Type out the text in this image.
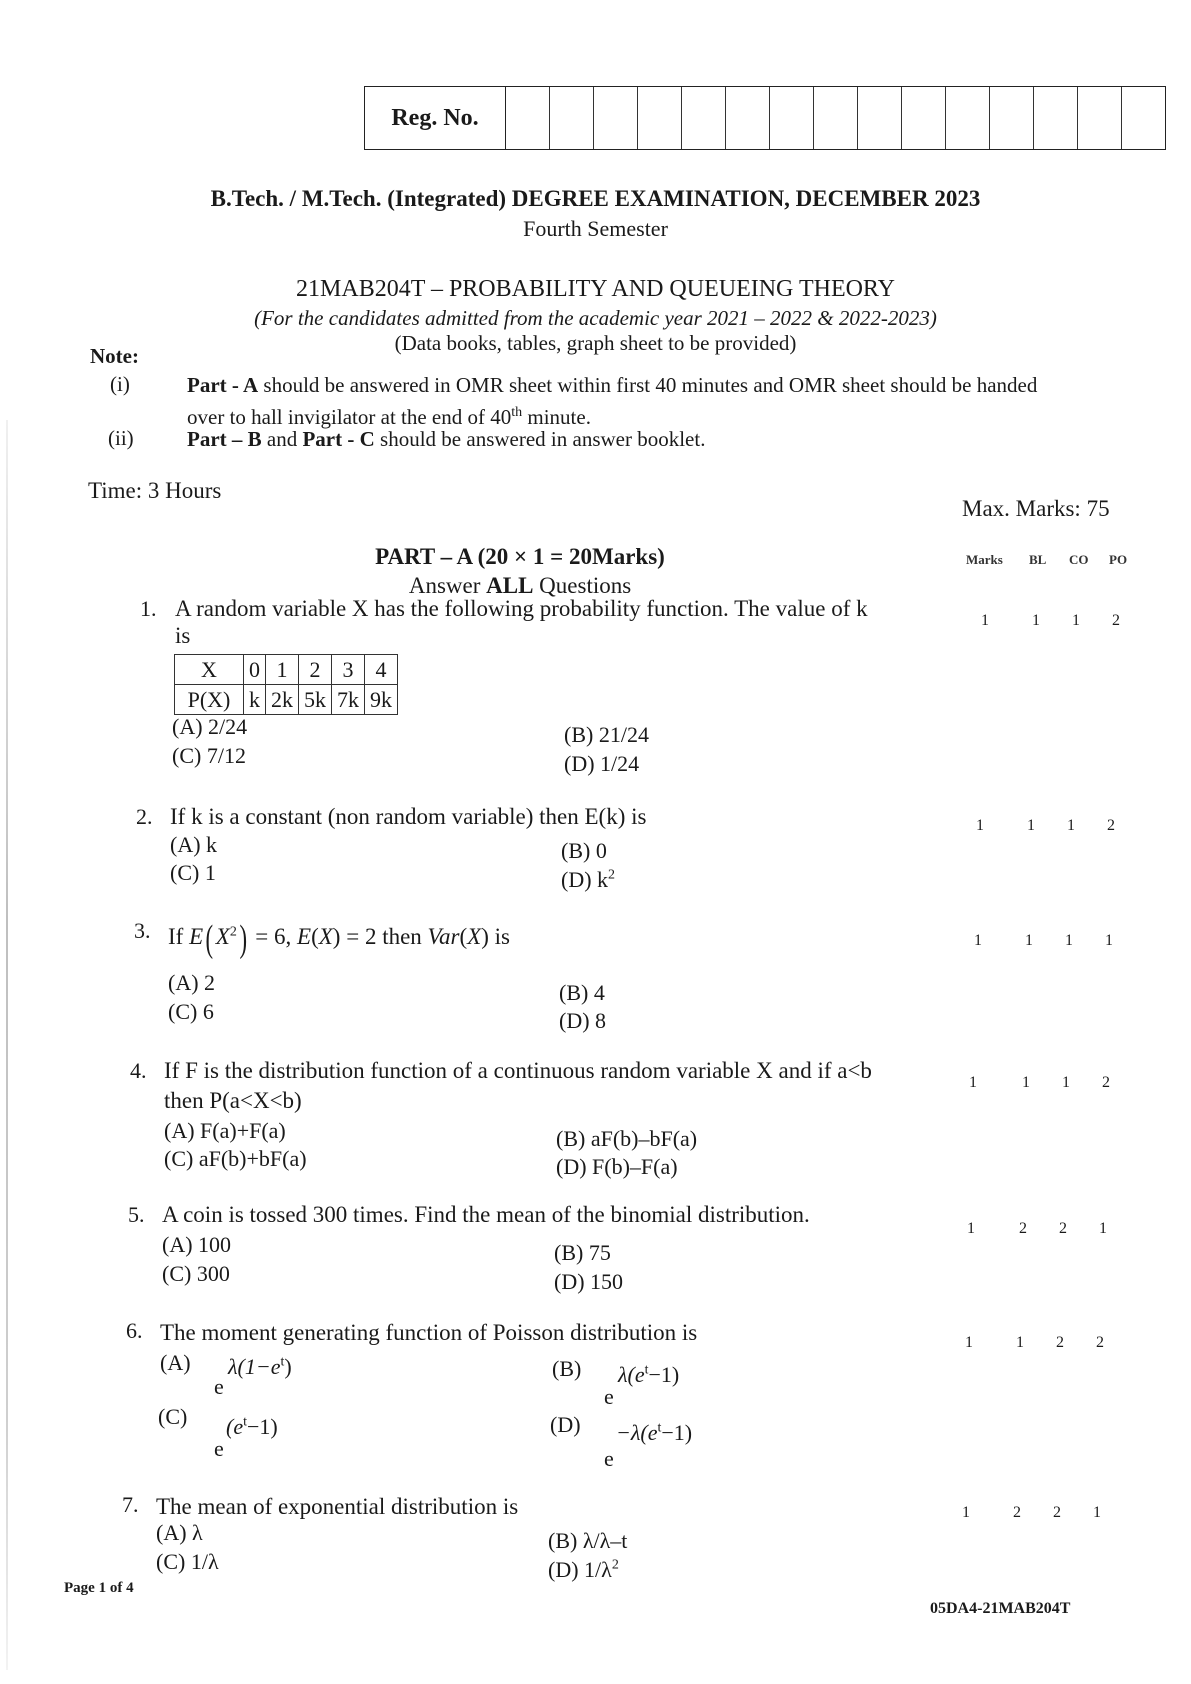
Reg. No.
B.Tech. / M.Tech. (Integrated) DEGREE EXAMINATION, DECEMBER 2023
Fourth Semester
21MAB204T – PROBABILITY AND QUEUEING THEORY
(For the candidates admitted from the academic year 2021 – 2022 & 2022-2023)
(Data books, tables, graph sheet to be provided)
Note:
(i)	Part - A should be answered in OMR sheet within first 40 minutes and OMR sheet should be handed
over to hall invigilator at the end of 40th minute.
(ii)	Part – B and Part - C should be answered in answer booklet.
Time: 3 Hours
Max. Marks: 75
PART – A (20 × 1 = 20Marks)
Answer ALL Questions
Marks BL CO PO
1. A random variable X has the following probability function. The value of k
is
X	0	1	2	3	4
P(X)	k	2k	5k	7k	9k
(A) 2/24	(B) 21/24
(C) 7/12	(D) 1/24
1	1	1	2
2. If k is a constant (non random variable) then E(k) is
(A) k	(B) 0
(C) 1	(D) $k^2$
1	1	1	2
3. If E( $X^2) = 6$, E(X) = 2 then Var(X) is
(A) 2	(B) 4
(C) 6	(D) 8
1	1	1	1
4. If F is the distribution function of a continuous random variable X and if a<b
then P(a<X<b)
(A) F(a)+F(a)	(B) aF(b)–bF(a)
(C) aF(b)+bF(a)	(D) F(b)–F(a)
1	1	1	2
5. A coin is tossed 300 times. Find the mean of the binomial distribution.
(A) 100	(B) 75
(C) 300	(D) 150
1	2	2	1
6. The moment generating function of Poisson distribution is
(A)
e
$\lambda(1-e^t)$	(B)
e
$\lambda(e^t-1)$
(C)
e
$(e^t-1)$	(D)
e
$-\lambda(e^t-1)$
1	1	2	2
7. The mean of exponential distribution is
(A) λ	(B) λ/λ–t
(C) 1/λ	(D) $1/\lambda^2$
1	2	2	1
Page 1 of 4
05DA4-21MAB204T
